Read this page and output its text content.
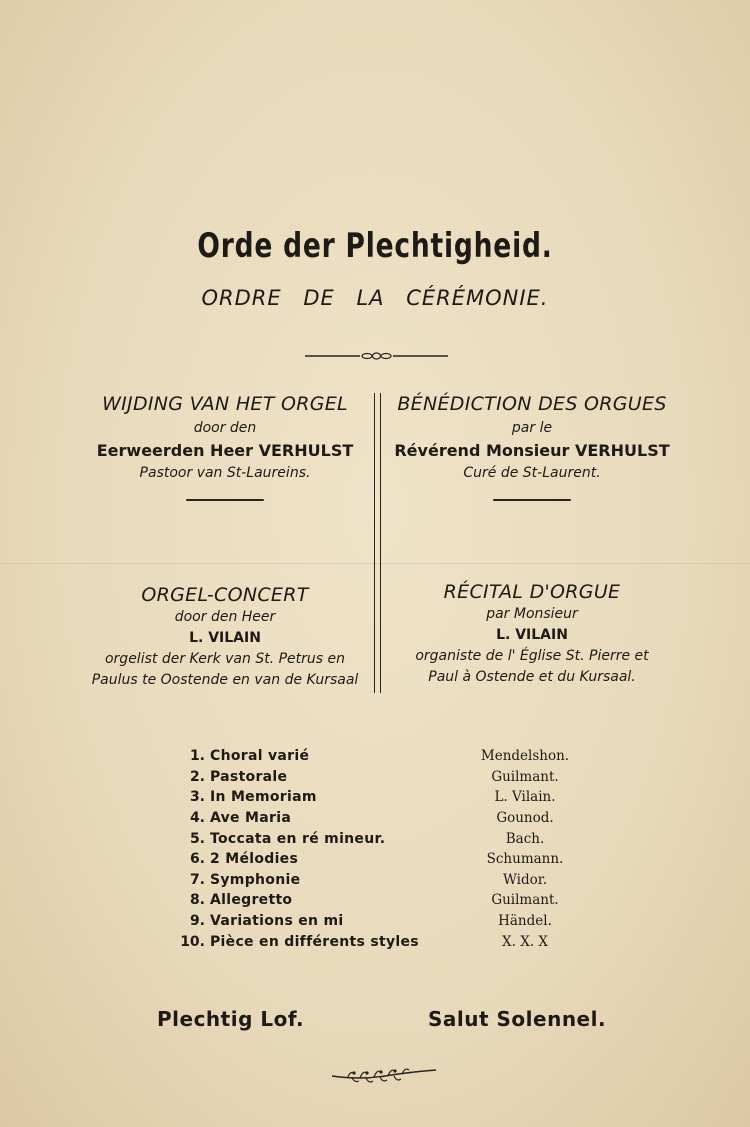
Orde der Plechtigheid.
ORDRE DE LA CÉRÉMONIE.
WIJDING VAN HET ORGEL
door den
Eerweerden Heer VERHULST
Pastoor van St-Laureins.
BÉNÉDICTION DES ORGUES
par le
Révérend Monsieur VERHULST
Curé de St-Laurent.
ORGEL-CONCERT
door den Heer
L. VILAIN
orgelist der Kerk van St. Petrus en
Paulus te Oostende en van de Kursaal
RÉCITAL D'ORGUE
par Monsieur
L. VILAIN
organiste de l' Église St. Pierre et
Paul à Ostende et du Kursaal.
1. Choral varié	Mendelshon.
2. Pastorale	Guilmant.
3. In Memoriam	L. Vilain.
4. Ave Maria	Gounod.
5. Toccata en ré mineur.	Bach.
6. 2 Mélodies	Schumann.
7. Symphonie	Widor.
8. Allegretto	Guilmant.
9. Variations en mi	Händel.
10. Pièce en différents styles	X. X. X
Plechtig Lof.	Salut Solennel.
